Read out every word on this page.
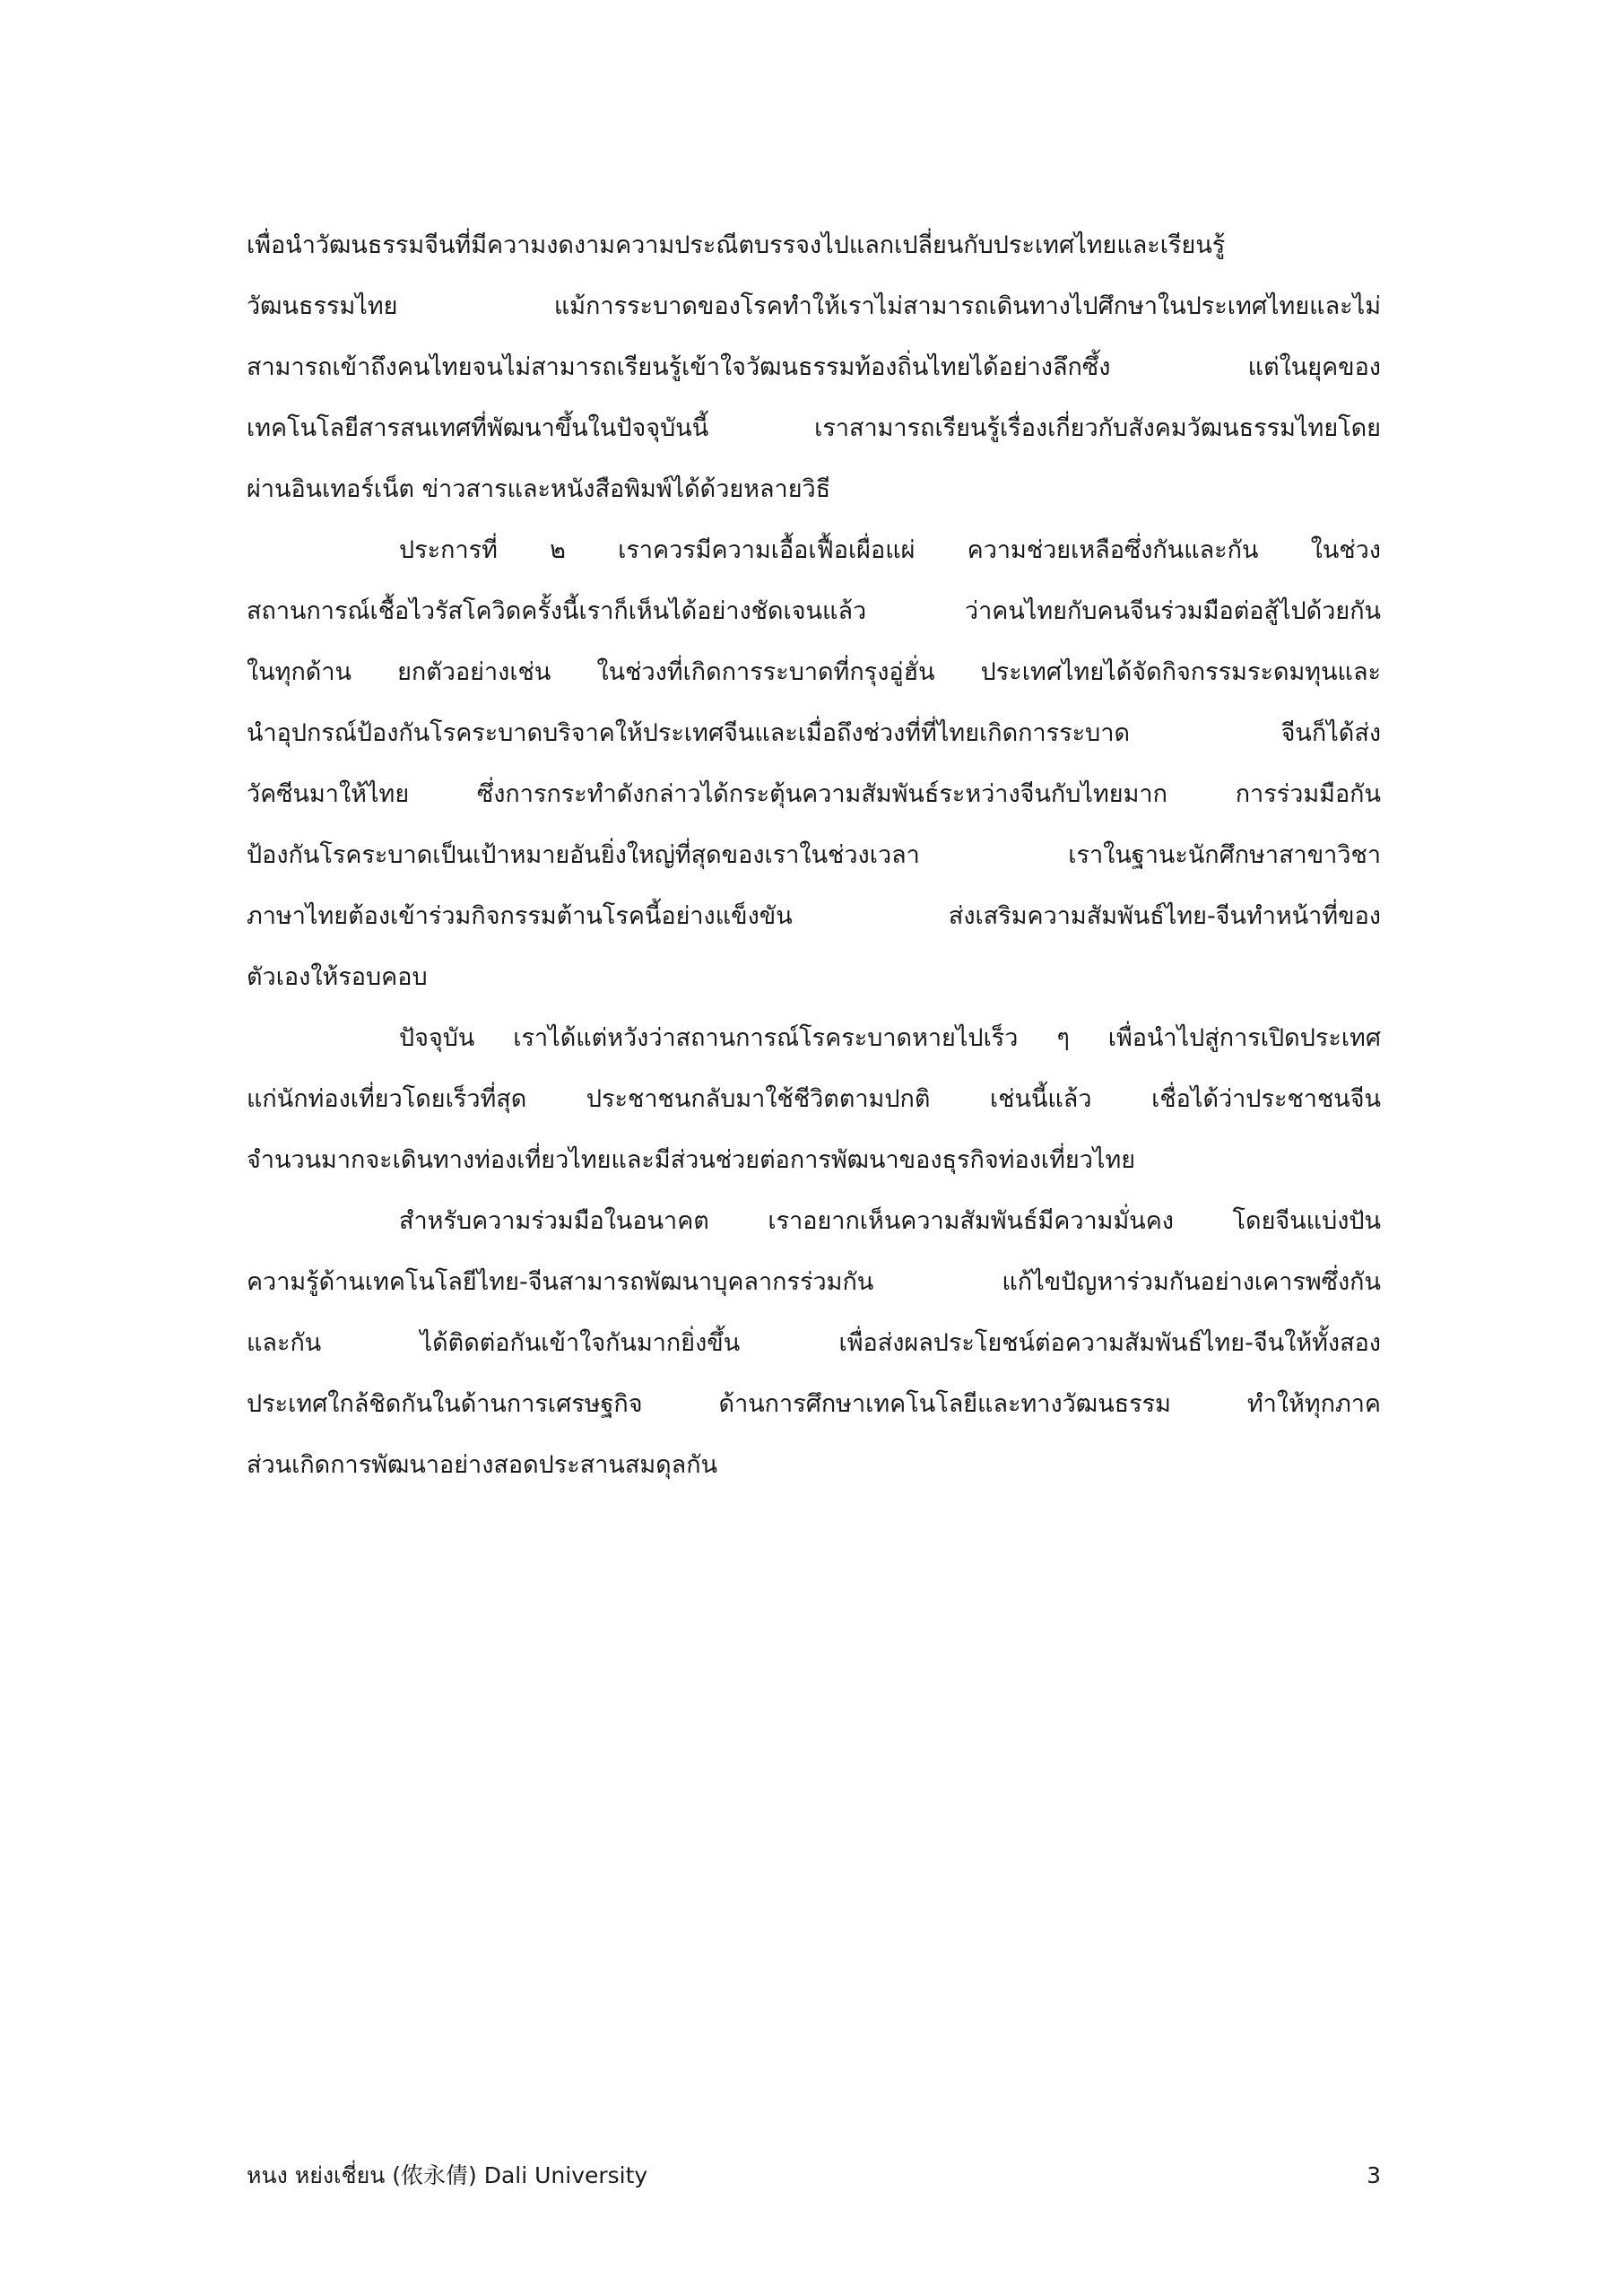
เพื่อนำวัฒนธรรมจีนที่มีความงดงามความประณีตบรรจงไปแลกเปลี่ยนกับประเทศไทยและเรียนรู้
วัฒนธรรมไทย แม้การระบาดของโรคทำให้เราไม่สามารถเดินทางไปศึกษาในประเทศไทยและไม่
สามารถเข้าถึงคนไทยจนไม่สามารถเรียนรู้เข้าใจวัฒนธรรมท้องถิ่นไทยได้อย่างลึกซึ้ง แต่ในยุคของ
เทคโนโลยีสารสนเทศที่พัฒนาขึ้นในปัจจุบันนี้ เราสามารถเรียนรู้เรื่องเกี่ยวกับสังคมวัฒนธรรมไทยโดย
ผ่านอินเทอร์เน็ต ข่าวสารและหนังสือพิมพ์ได้ด้วยหลายวิธี
ประการที่ ๒ เราควรมีความเอื้อเฟื้อเผื่อแผ่ ความช่วยเหลือซึ่งกันและกัน ในช่วง
สถานการณ์เชื้อไวรัสโควิดครั้งนี้เราก็เห็นได้อย่างชัดเจนแล้ว ว่าคนไทยกับคนจีนร่วมมือต่อสู้ไปด้วยกัน
ในทุกด้าน ยกตัวอย่างเช่น ในช่วงที่เกิดการระบาดที่กรุงอู่ฮั่น ประเทศไทยได้จัดกิจกรรมระดมทุนและ
นำอุปกรณ์ป้องกันโรคระบาดบริจาคให้ประเทศจีนและเมื่อถึงช่วงที่ที่ไทยเกิดการระบาด จีนก็ได้ส่ง
วัคซีนมาให้ไทย ซึ่งการกระทำดังกล่าวได้กระตุ้นความสัมพันธ์ระหว่างจีนกับไทยมาก การร่วมมือกัน
ป้องกันโรคระบาดเป็นเป้าหมายอันยิ่งใหญ่ที่สุดของเราในช่วงเวลา เราในฐานะนักศึกษาสาขาวิชา
ภาษาไทยต้องเข้าร่วมกิจกรรมต้านโรคนี้อย่างแข็งขัน ส่งเสริมความสัมพันธ์ไทย-จีนทำหน้าที่ของ
ตัวเองให้รอบคอบ
ปัจจุบัน เราได้แต่หวังว่าสถานการณ์โรคระบาดหายไปเร็ว ๆ เพื่อนำไปสู่การเปิดประเทศ
แก่นักท่องเที่ยวโดยเร็วที่สุด ประชาชนกลับมาใช้ชีวิตตามปกติ เช่นนี้แล้ว เชื่อได้ว่าประชาชนจีน
จำนวนมากจะเดินทางท่องเที่ยวไทยและมีส่วนช่วยต่อการพัฒนาของธุรกิจท่องเที่ยวไทย
สำหรับความร่วมมือในอนาคต เราอยากเห็นความสัมพันธ์มีความมั่นคง โดยจีนแบ่งปัน
ความรู้ด้านเทคโนโลยีไทย-จีนสามารถพัฒนาบุคลากรร่วมกัน แก้ไขปัญหาร่วมกันอย่างเคารพซึ่งกัน
และกัน ได้ติดต่อกันเข้าใจกันมากยิ่งขึ้น เพื่อส่งผลประโยชน์ต่อความสัมพันธ์ไทย-จีนให้ทั้งสอง
ประเทศใกล้ชิดกันในด้านการเศรษฐกิจ ด้านการศึกษาเทคโนโลยีและทางวัฒนธรรม ทำให้ทุกภาค
ส่วนเกิดการพัฒนาอย่างสอดประสานสมดุลกัน
หนง หย่งเชี่ยน (侬永倩) Dali University	3
